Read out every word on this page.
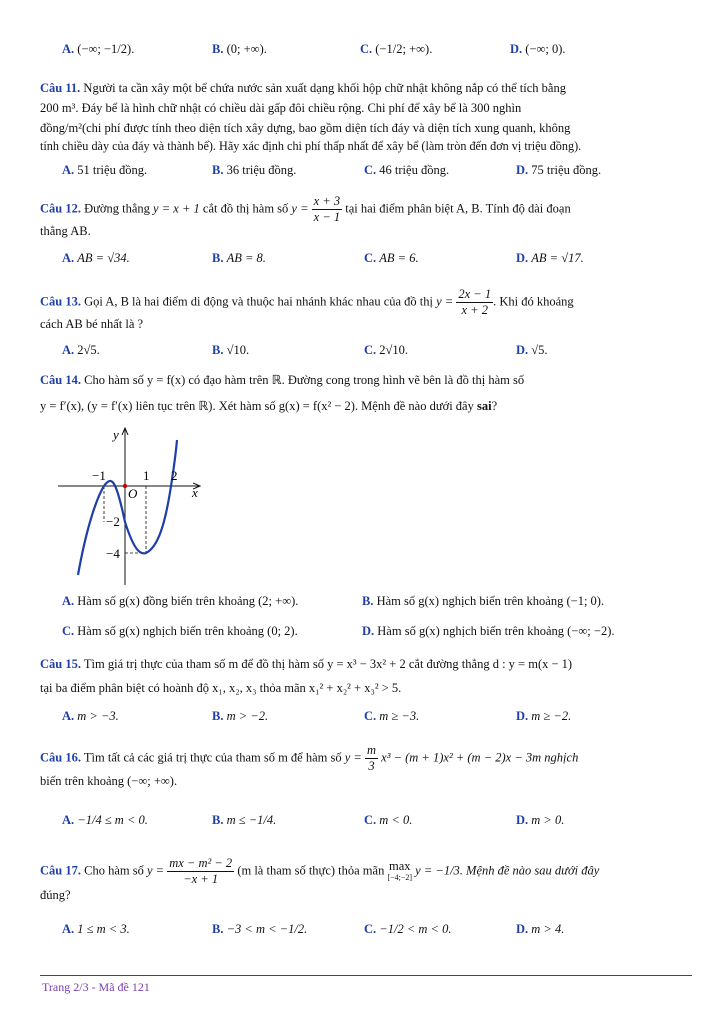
A. (−∞; −1/2).	B. (0; +∞).	C. (−1/2; +∞).	D. (−∞; 0).
Câu 11. Người ta cần xây một bể chứa nước sản xuất dạng khối hộp chữ nhật không nắp có thể tích bằng
200 m³. Đáy bể là hình chữ nhật có chiều dài gấp đôi chiều rộng. Chi phí để xây bể là 300 nghìn
đồng/m²(chi phí được tính theo diện tích xây dựng, bao gồm diện tích đáy và diện tích xung quanh, không
tính chiều dày của đáy và thành bể). Hãy xác định chi phí thấp nhất để xây bể (làm tròn đến đơn vị triệu đồng).
A. 51 triệu đồng.	B. 36 triệu đồng.	C. 46 triệu đồng.	D. 75 triệu đồng.
Câu 12. Đường thẳng y = x + 1 cắt đồ thị hàm số $y = \frac{x + 3}{x - 1}$ tại hai điểm phân biệt A, B. Tính độ dài đoạn
thẳng AB.
A. AB = √34.	B. AB = 8.	C. AB = 6.	D. AB = √17.
Câu 13. Gọi A, B là hai điểm di động và thuộc hai nhánh khác nhau của đồ thị $y = \frac{2x - 1}{x + 2}$ . Khi đó khoảng
cách AB bé nhất là ?
A. 2√5.	B. √10.	C. 2√10.	D. √5.
Câu 14. Cho hàm số y = f(x) có đạo hàm trên ℝ. Đường cong trong hình vẽ bên là đồ thị hàm số
y = f′(x), (y = f′(x) liên tục trên ℝ). Xét hàm số g(x) = f(x² − 2). Mệnh đề nào dưới đây sai?
y
x
O
−1	1 2
−2
−4
A. Hàm số g(x) đồng biến trên khoảng (2; +∞).	B. Hàm số g(x) nghịch biến trên khoảng (−1; 0).
C. Hàm số g(x) nghịch biến trên khoảng (0; 2).	D. Hàm số g(x) nghịch biến trên khoảng (−∞; −2).
Câu 15. Tìm giá trị thực của tham số m để đồ thị hàm số y = x³ − 3x² + 2 cắt đường thẳng d : y = m(x − 1)
tại ba điểm phân biệt có hoành độ x₁, x₂, x₃ thỏa mãn x₁² + x₂² + x₃² > 5.
A. m > −3.	B. m > −2.	C. m ≥ −3.	D. m ≥ −2.
Câu 16. Tìm tất cả các giá trị thực của tham số m để hàm số $y = \frac{m}{3} x^3 - (m + 1)x^2 + (m - 2)x - 3m$ nghịch
biến trên khoảng (−∞; +∞).
A. −1/4 ≤ m < 0.	B. m ≤ −1/4.	C. m < 0.	D. m > 0.
Câu 17. Cho hàm số $y = \frac{\text{mx − m² − 2}}{-x + 1} (m$ là tham số thực) thỏa mãn max
[−4;−2] y = −1/3. Mệnh đề nào sau dưới đây
đúng?
A. 1 ≤ m < 3.	B. −3 < m < −1/2.	C. −1/2 < m < 0.	D. m > 4.
Trang 2/3 - Mã đề 121
